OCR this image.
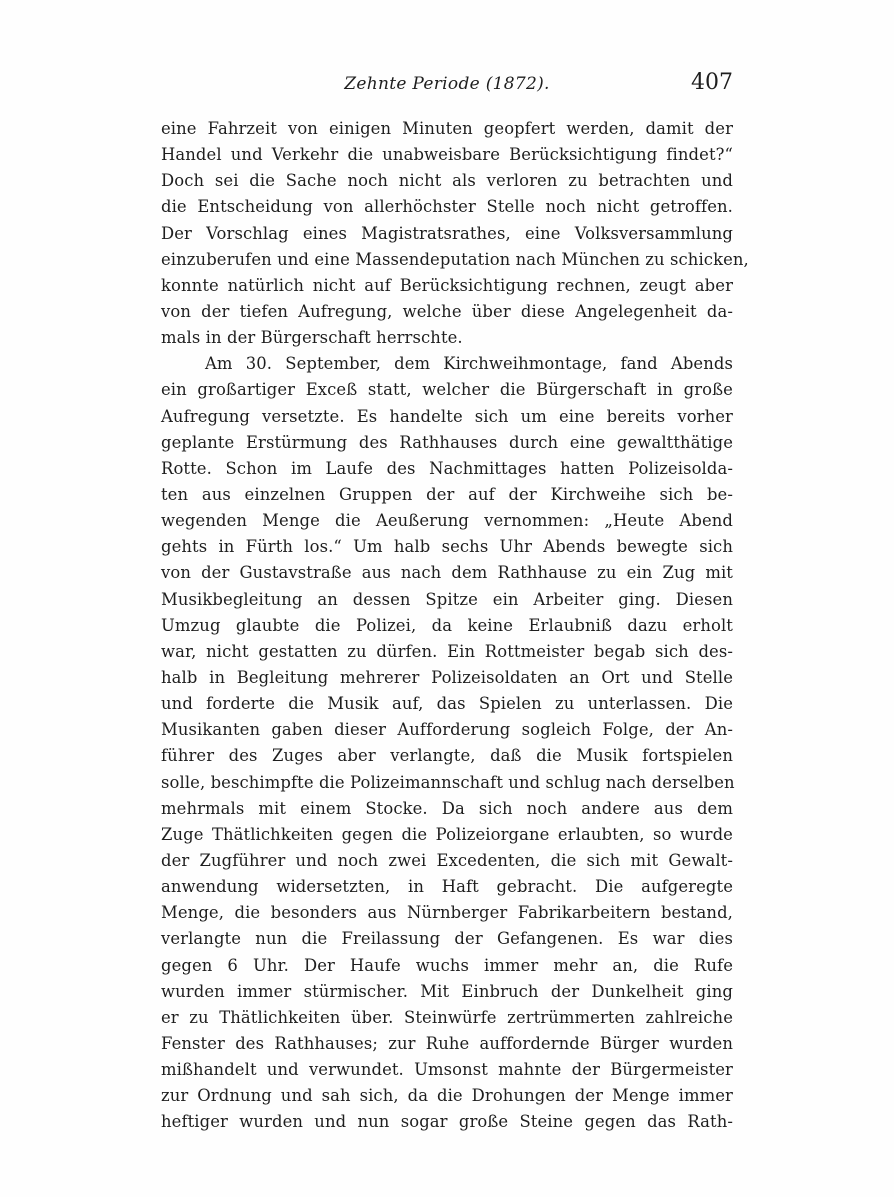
Zehnte Periode (1872).	407
eine Fahrzeit von einigen Minuten geopfert werden, damit der
Handel und Verkehr die unabweisbare Berücksichtigung findet?“
Doch sei die Sache noch nicht als verloren zu betrachten und
die Entscheidung von allerhöchster Stelle noch nicht getroffen.
Der Vorschlag eines Magistratsrathes, eine Volksversammlung
einzuberufen und eine Massendeputation nach München zu schicken,
konnte natürlich nicht auf Berücksichtigung rechnen, zeugt aber
von der tiefen Aufregung, welche über diese Angelegenheit da-
mals in der Bürgerschaft herrschte.
Am 30. September, dem Kirchweihmontage, fand Abends
ein großartiger Exceß statt, welcher die Bürgerschaft in große
Aufregung versetzte. Es handelte sich um eine bereits vorher
geplante Erstürmung des Rathhauses durch eine gewaltthätige
Rotte. Schon im Laufe des Nachmittages hatten Polizeisolda-
ten aus einzelnen Gruppen der auf der Kirchweihe sich be-
wegenden Menge die Aeußerung vernommen: „Heute Abend
gehts in Fürth los.“ Um halb sechs Uhr Abends bewegte sich
von der Gustavstraße aus nach dem Rathhause zu ein Zug mit
Musikbegleitung an dessen Spitze ein Arbeiter ging. Diesen
Umzug glaubte die Polizei, da keine Erlaubniß dazu erholt
war, nicht gestatten zu dürfen. Ein Rottmeister begab sich des-
halb in Begleitung mehrerer Polizeisoldaten an Ort und Stelle
und forderte die Musik auf, das Spielen zu unterlassen. Die
Musikanten gaben dieser Aufforderung sogleich Folge, der An-
führer des Zuges aber verlangte, daß die Musik fortspielen
solle, beschimpfte die Polizeimannschaft und schlug nach derselben
mehrmals mit einem Stocke. Da sich noch andere aus dem
Zuge Thätlichkeiten gegen die Polizeiorgane erlaubten, so wurde
der Zugführer und noch zwei Excedenten, die sich mit Gewalt-
anwendung widersetzten, in Haft gebracht. Die aufgeregte
Menge, die besonders aus Nürnberger Fabrikarbeitern bestand,
verlangte nun die Freilassung der Gefangenen. Es war dies
gegen 6 Uhr. Der Haufe wuchs immer mehr an, die Rufe
wurden immer stürmischer. Mit Einbruch der Dunkelheit ging
er zu Thätlichkeiten über. Steinwürfe zertrümmerten zahlreiche
Fenster des Rathhauses; zur Ruhe auffordernde Bürger wurden
mißhandelt und verwundet. Umsonst mahnte der Bürgermeister
zur Ordnung und sah sich, da die Drohungen der Menge immer
heftiger wurden und nun sogar große Steine gegen das Rath-
